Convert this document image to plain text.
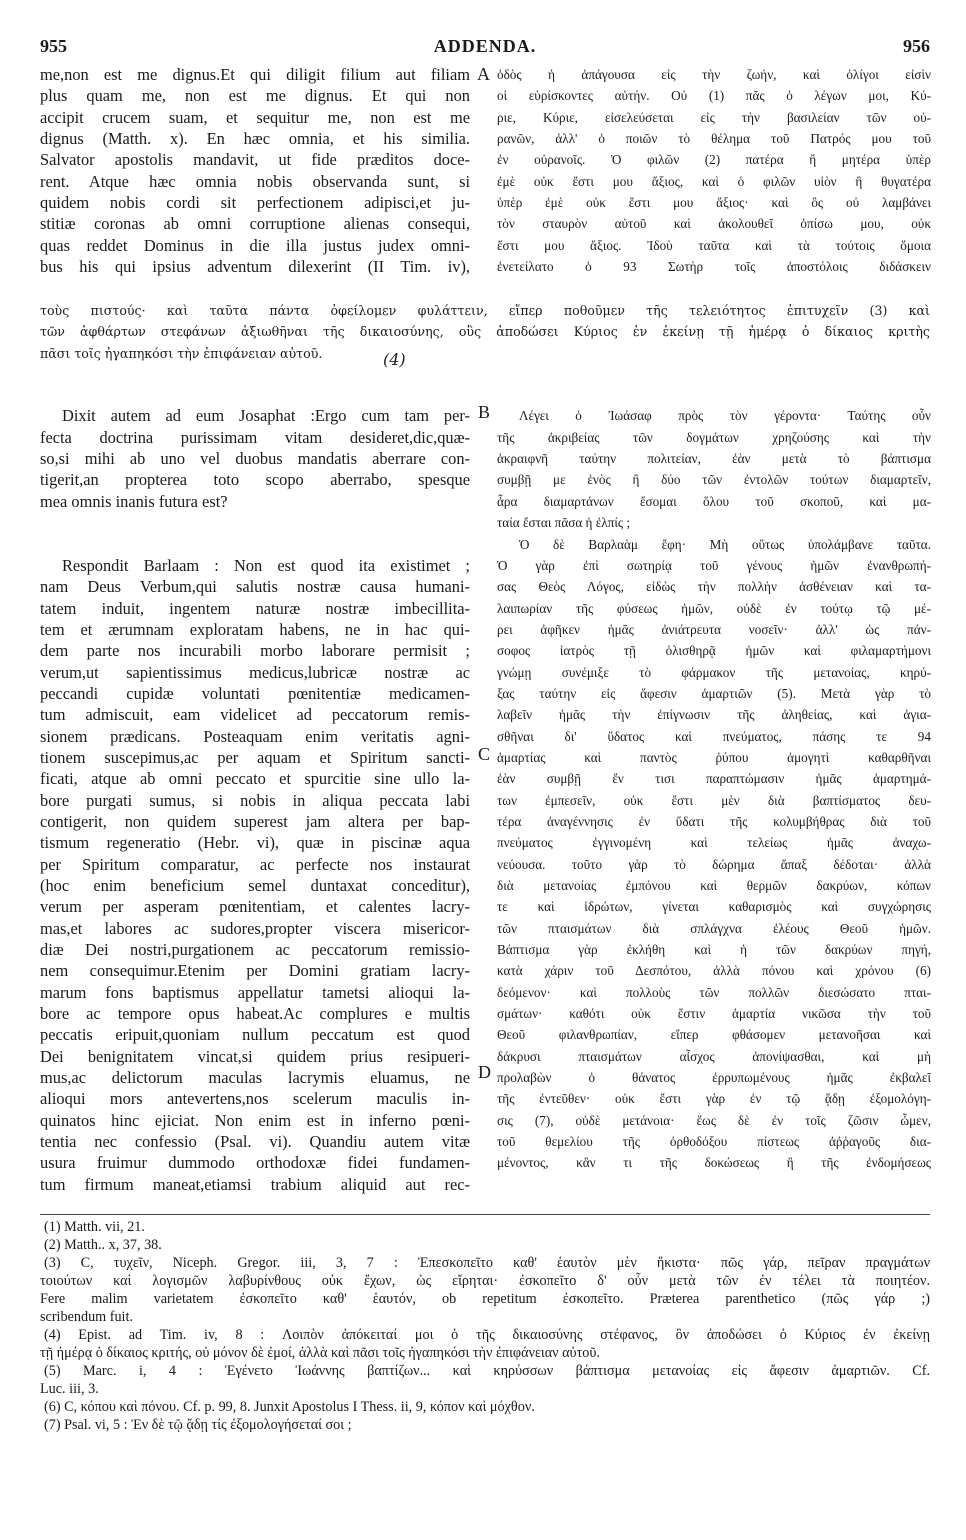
955	ADDENDA.	956
me,non est me dignus.Et qui diligit filium aut filiam
plus quam me, non est me dignus. Et qui non
accipit crucem suam, et sequitur me, non est me
dignus (Matth. x). En hæc omnia, et his similia.
Salvator apostolis mandavit, ut fide præditos doce-
rent. Atque hæc omnia nobis observanda sunt, si
quidem nobis cordi sit perfectionem adipisci,et ju-
stitiæ coronas ab omni corruptione alienas consequi,
quas reddet Dominus in die illa justus judex omni-
bus his qui ipsius adventum dilexerint (II Tim. iv),
Dixit autem ad eum Josaphat :Ergo cum tam per-
fecta doctrina purissimam vitam desideret,dic,quæ-
so,si mihi ab uno vel duobus mandatis aberrare con-
tigerit,an propterea toto scopo aberrabo, spesque
mea omnis inanis futura est?
Respondit Barlaam : Non est quod ita existimet ;
nam Deus Verbum,qui salutis nostræ causa humani-
tatem induit, ingentem naturæ nostræ imbecillita-
tem et ærumnam exploratam habens, ne in hac qui-
dem parte nos incurabili morbo laborare permisit ;
verum,ut sapientissimus medicus,lubricæ nostræ ac
peccandi cupidæ voluntati pœnitentiæ medicamen-
tum admiscuit, eam videlicet ad peccatorum remis-
sionem prædicans. Posteaquam enim veritatis agni-
tionem suscepimus,ac per aquam et Spiritum sancti-
ficati, atque ab omni peccato et spurcitie sine ullo la-
bore purgati sumus, si nobis in aliqua peccata labi
contigerit, non quidem superest jam altera per bap-
tismum regeneratio (Hebr. vi), quæ in piscinæ aqua
per Spiritum comparatur, ac perfecte nos instaurat
(hoc enim beneficium semel duntaxat conceditur),
verum per asperam pœnitentiam, et calentes lacry-
mas,et labores ac sudores,propter viscera misericor-
diæ Dei nostri,purgationem ac peccatorum remissio-
nem consequimur.Etenim per Domini gratiam lacry-
marum fons baptismus appellatur tametsi alioqui la-
bore ac tempore opus habeat.Ac complures e multis
peccatis eripuit,quoniam nullum peccatum est quod
Dei benignitatem vincat,si quidem prius resipueri-
mus,ac delictorum maculas lacrymis eluamus, ne
alioqui mors antevertens,nos scelerum maculis in-
quinatos hinc ejiciat. Non enim est in inferno pœni-
tentia nec confessio (Psal. vi). Quandiu autem vitæ
usura fruimur dummodo orthodoxæ fidei fundamen-
tum firmum maneat,etiamsi trabium aliquid aut rec-
ὁδὸς ἡ ἀπάγουσα εἰς τὴν ζωήν, καὶ ὀλίγοι εἰσὶν
οἱ εὑρίσκοντες αὐτήν. Οὐ (1) πᾶς ὁ λέγων μοι, Κύ-
ριε, Κύριε, εἰσελεύσεται εἰς τὴν βασιλείαν τῶν οὐ-
ρανῶν, ἀλλ' ὁ ποιῶν τὸ θέλημα τοῦ Πατρός μου τοῦ
ἐν οὐρανοῖς. Ὁ φιλῶν (2) πατέρα ἢ μητέρα ὑπὲρ
ἐμὲ οὐκ ἔστι μου ἄξιος, καὶ ὁ φιλῶν υἱὸν ἢ θυγατέρα
ὑπὲρ ἐμὲ οὐκ ἔστι μου ἄξιος· καὶ ὃς οὐ λαμβάνει
τὸν σταυρὸν αὐτοῦ καὶ ἀκολουθεῖ ὀπίσω μου, οὐκ
ἔστι μου ἄξιος. Ἰδοὺ ταῦτα καὶ τὰ τούτοις ὅμοια
ἐνετείλατο ὁ 93 Σωτὴρ τοῖς ἀποστόλοις διδάσκειν
Λέγει ὁ Ἰωάσαφ πρὸς τὸν γέροντα· Ταύτης οὖν
τῆς ἀκριβείας τῶν δογμάτων χρηζούσης καὶ τὴν
ἀκραιφνῆ ταύτην πολιτείαν, ἐὰν μετὰ τὸ βάπτισμα
συμβῇ με ἑνὸς ἢ δύο τῶν ἐντολῶν τούτων διαμαρτεῖν,
ἆρα διαμαρτάνων ἔσομαι ὅλου τοῦ σκοποῦ, καὶ μα-
ταία ἔσται πᾶσα ἡ ἐλπίς ;
Ὁ δὲ Βαρλαὰμ ἔφη· Μὴ οὕτως ὑπολάμβανε ταῦτα.
Ὁ γὰρ ἐπὶ σωτηρίᾳ τοῦ γένους ἡμῶν ἐνανθρωπή-
σας Θεὸς Λόγος, εἰδὼς τὴν πολλὴν ἀσθένειαν καὶ τα-
λαιπωρίαν τῆς φύσεως ἡμῶν, οὐδὲ ἐν τούτῳ τῷ μέ-
ρει ἀφῆκεν ἡμᾶς ἀνιάτρευτα νοσεῖν· ἀλλ' ὡς πάν-
σοφος ἰατρὸς τῇ ὀλισθηρᾷ ἡμῶν καὶ φιλαμαρτήμονι
γνώμῃ συνέμιξε τὸ φάρμακον τῆς μετανοίας, κηρύ-
ξας ταύτην εἰς ἄφεσιν ἁμαρτιῶν (5). Μετὰ γὰρ τὸ
λαβεῖν ἡμᾶς τὴν ἐπίγνωσιν τῆς ἀληθείας, καὶ ἁγια-
σθῆναι δι' ὕδατος καὶ πνεύματος, πάσης τε 94
ἁμαρτίας καὶ παντὸς ῥύπου ἀμογητὶ καθαρθῆναι
ἐὰν συμβῇ ἔν τισι παραπτώμασιν ἡμᾶς ἁμαρτημά-
των ἐμπεσεῖν, οὐκ ἔστι μὲν διὰ βαπτίσματος δευ-
τέρα ἀναγέννησις ἐν ὕδατι τῆς κολυμβήθρας διὰ τοῦ
πνεύματος ἐγγινομένη καὶ τελείως ἡμᾶς ἀναχω-
νεύουσα. τοῦτο γὰρ τὸ δώρημα ἅπαξ δέδοται· ἀλλὰ
διὰ μετανοίας ἐμπόνου καὶ θερμῶν δακρύων, κόπων
τε καὶ ἱδρώτων, γίνεται καθαρισμὸς καὶ συγχώρησις
τῶν πταισμάτων διὰ σπλάγχνα ἐλέους Θεοῦ ἡμῶν.
Βάπτισμα γὰρ ἐκλήθη καὶ ἡ τῶν δακρύων πηγή,
κατὰ χάριν τοῦ Δεσπότου, ἀλλὰ πόνου καὶ χρόνου (6)
δεόμενον· καὶ πολλοὺς τῶν πολλῶν διεσώσατο πται-
σμάτων· καθότι οὐκ ἔστιν ἁμαρτία νικῶσα τὴν τοῦ
Θεοῦ φιλανθρωπίαν, εἴπερ φθάσομεν μετανοῆσαι καὶ
δάκρυσι πταισμάτων αἶσχος ἀπονίψασθαι, καὶ μὴ
προλαβὼν ὁ θάνατος ἐρρυπωμένους ἡμᾶς ἐκβαλεῖ
τῆς ἐντεῦθεν· οὐκ ἔστι γὰρ ἐν τῷ ᾅδῃ ἐξομολόγη-
σις (7), οὐδὲ μετάνοια· ἕως δὲ ἐν τοῖς ζῶσιν ὦμεν,
τοῦ θεμελίου τῆς ὀρθοδόξου πίστεως ἀῤῥαγοῦς δια-
μένοντος, κἂν τι τῆς δοκώσεως ἢ τῆς ἐνδομήσεως
τοὺς πιστούς· καὶ ταῦτα πάντα ὀφείλομεν φυλάττειν, εἴπερ ποθοῦμεν τῆς τελειότητος ἐπιτυχεῖν (3) καὶ
τῶν ἀφθάρτων στεφάνων ἀξιωθῆναι τῆς δικαιοσύνης, οὓς ἀποδώσει Κύριος ἐν ἐκείνῃ τῇ ἡμέρᾳ ὁ δίκαιος κριτὴς
πᾶσι τοῖς ἠγαπηκόσι τὴν ἐπιφάνειαν αὐτοῦ.	(4)
A
B
C
D
(1) Matth. vii, 21.
(2) Matth.. x, 37, 38.
(3) C, τυχεῖν, Niceph. Gregor. iii, 3, 7 : Ἐπεσκοπεῖτο καθ' ἑαυτὸν μὲν ἥκιστα· πῶς γάρ, πεῖραν πραγμάτων
τοιούτων καὶ λογισμῶν λαβυρίνθους οὐκ ἔχων, ὡς εἴρηται· ἐσκοπεῖτο δ' οὖν μετὰ τῶν ἐν τέλει τὰ ποιητέον.
Fere malim varietatem ἐσκοπεῖτο καθ' ἑαυτόν, ob repetitum ἐσκοπεῖτο. Præterea parenthetico (πῶς γάρ ;)
scribendum fuit.
(4) Epist. ad Tim. iv, 8 : Λοιπὸν ἀπόκειταί μοι ὁ τῆς δικαιοσύνης στέφανος, ὃν ἀποδώσει ὁ Κύριος ἐν ἐκείνῃ
τῇ ἡμέρᾳ ὁ δίκαιος κριτής, οὐ μόνον δὲ ἐμοί, ἀλλὰ καὶ πᾶσι τοῖς ἠγαπηκόσι τὴν ἐπιφάνειαν αὐτοῦ.
(5) Marc. i, 4 : Ἐγένετο Ἰωάννης βαπτίζων... καὶ κηρύσσων βάπτισμα μετανοίας εἰς ἄφεσιν ἁμαρτιῶν. Cf.
Luc. iii, 3.
(6) C, κόπου καὶ πόνου. Cf. p. 99, 8. Junxit Apostolus I Thess. ii, 9, κόπον καὶ μόχθον.
(7) Psal. vi, 5 : Ἐν δὲ τῷ ᾅδῃ τίς ἐξομολογήσεταί σοι ;
